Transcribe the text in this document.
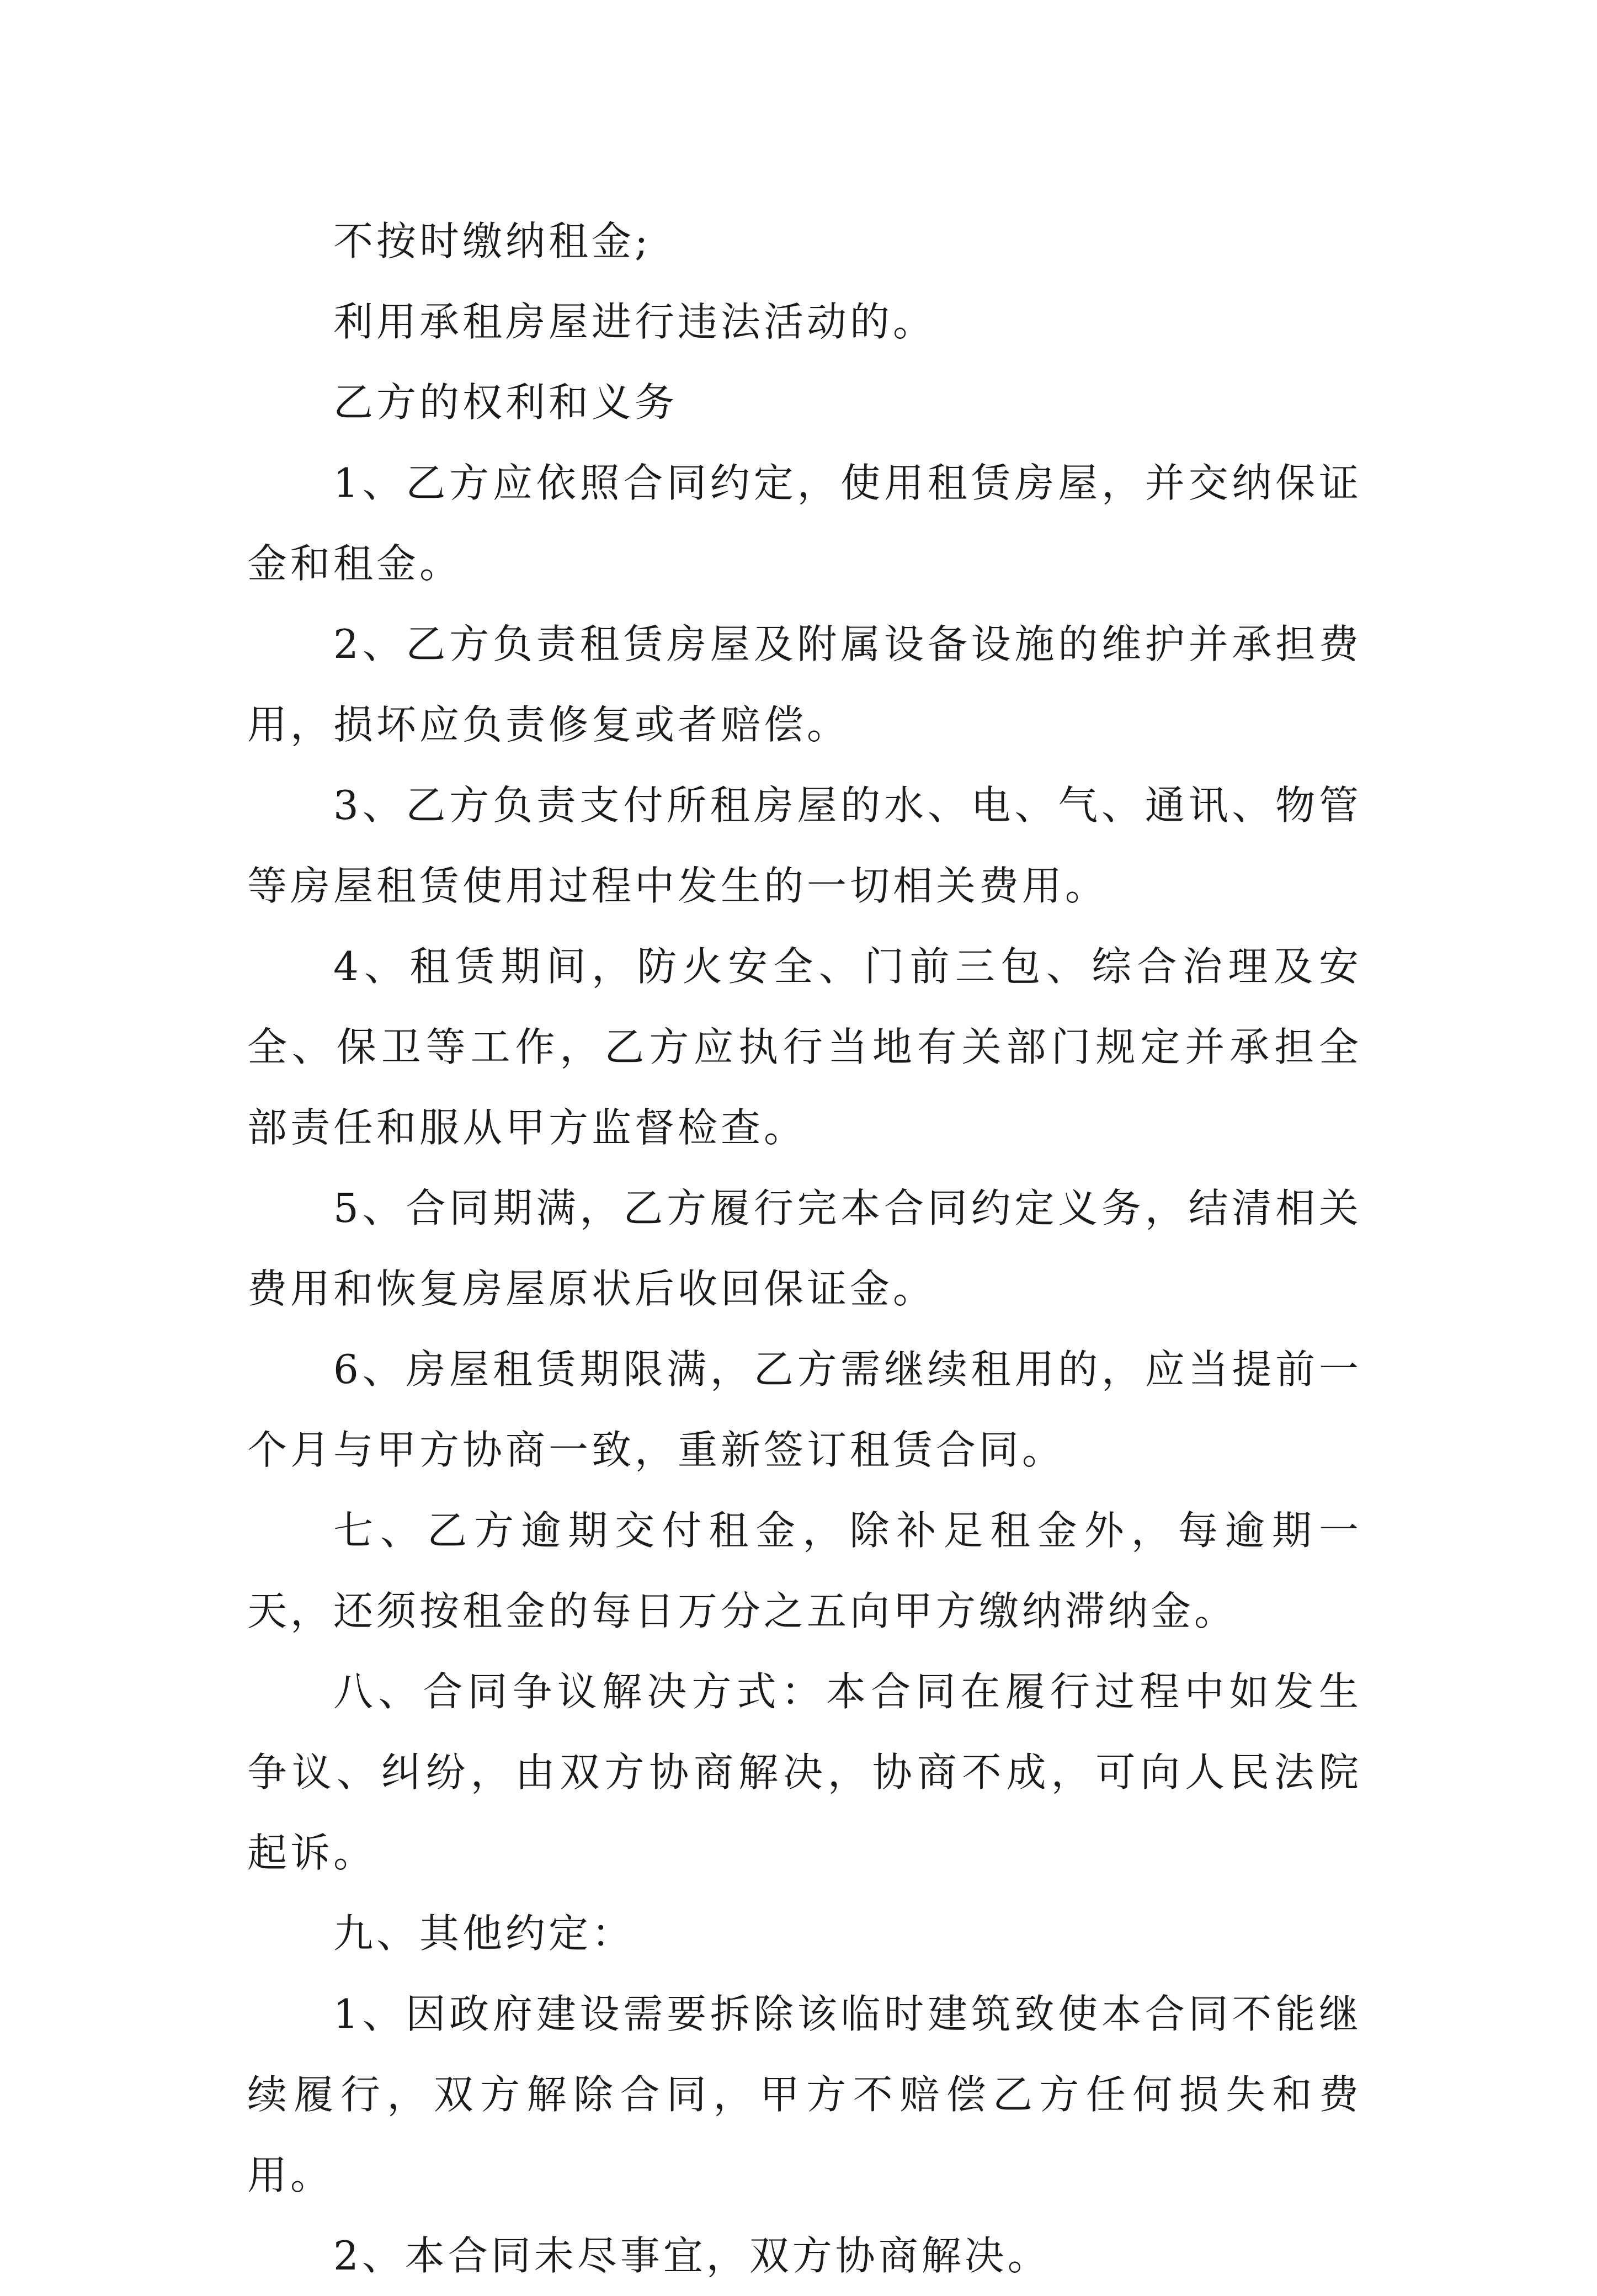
不按时缴纳租金;

利用承租房屋进行违法活动的。

乙方的权利和义务

1、乙方应依照合同约定，使用租赁房屋，并交纳保证金和租金。

2、乙方负责租赁房屋及附属设备设施的维护并承担费用，损坏应负责修复或者赔偿。

3、乙方负责支付所租房屋的水、电、气、通讯、物管等房屋租赁使用过程中发生的一切相关费用。

4、租赁期间，防火安全、门前三包、综合治理及安全、保卫等工作，乙方应执行当地有关部门规定并承担全部责任和服从甲方监督检查。

5、合同期满，乙方履行完本合同约定义务，结清相关费用和恢复房屋原状后收回保证金。

6、房屋租赁期限满，乙方需继续租用的，应当提前一个月与甲方协商一致，重新签订租赁合同。

七、乙方逾期交付租金，除补足租金外，每逾期一天，还须按租金的每日万分之五向甲方缴纳滞纳金。

八、合同争议解决方式：本合同在履行过程中如发生争议、纠纷，由双方协商解决，协商不成，可向人民法院起诉。

九、其他约定：

1、因政府建设需要拆除该临时建筑致使本合同不能继续履行，双方解除合同，甲方不赔偿乙方任何损失和费用。

2、本合同未尽事宜，双方协商解决。
